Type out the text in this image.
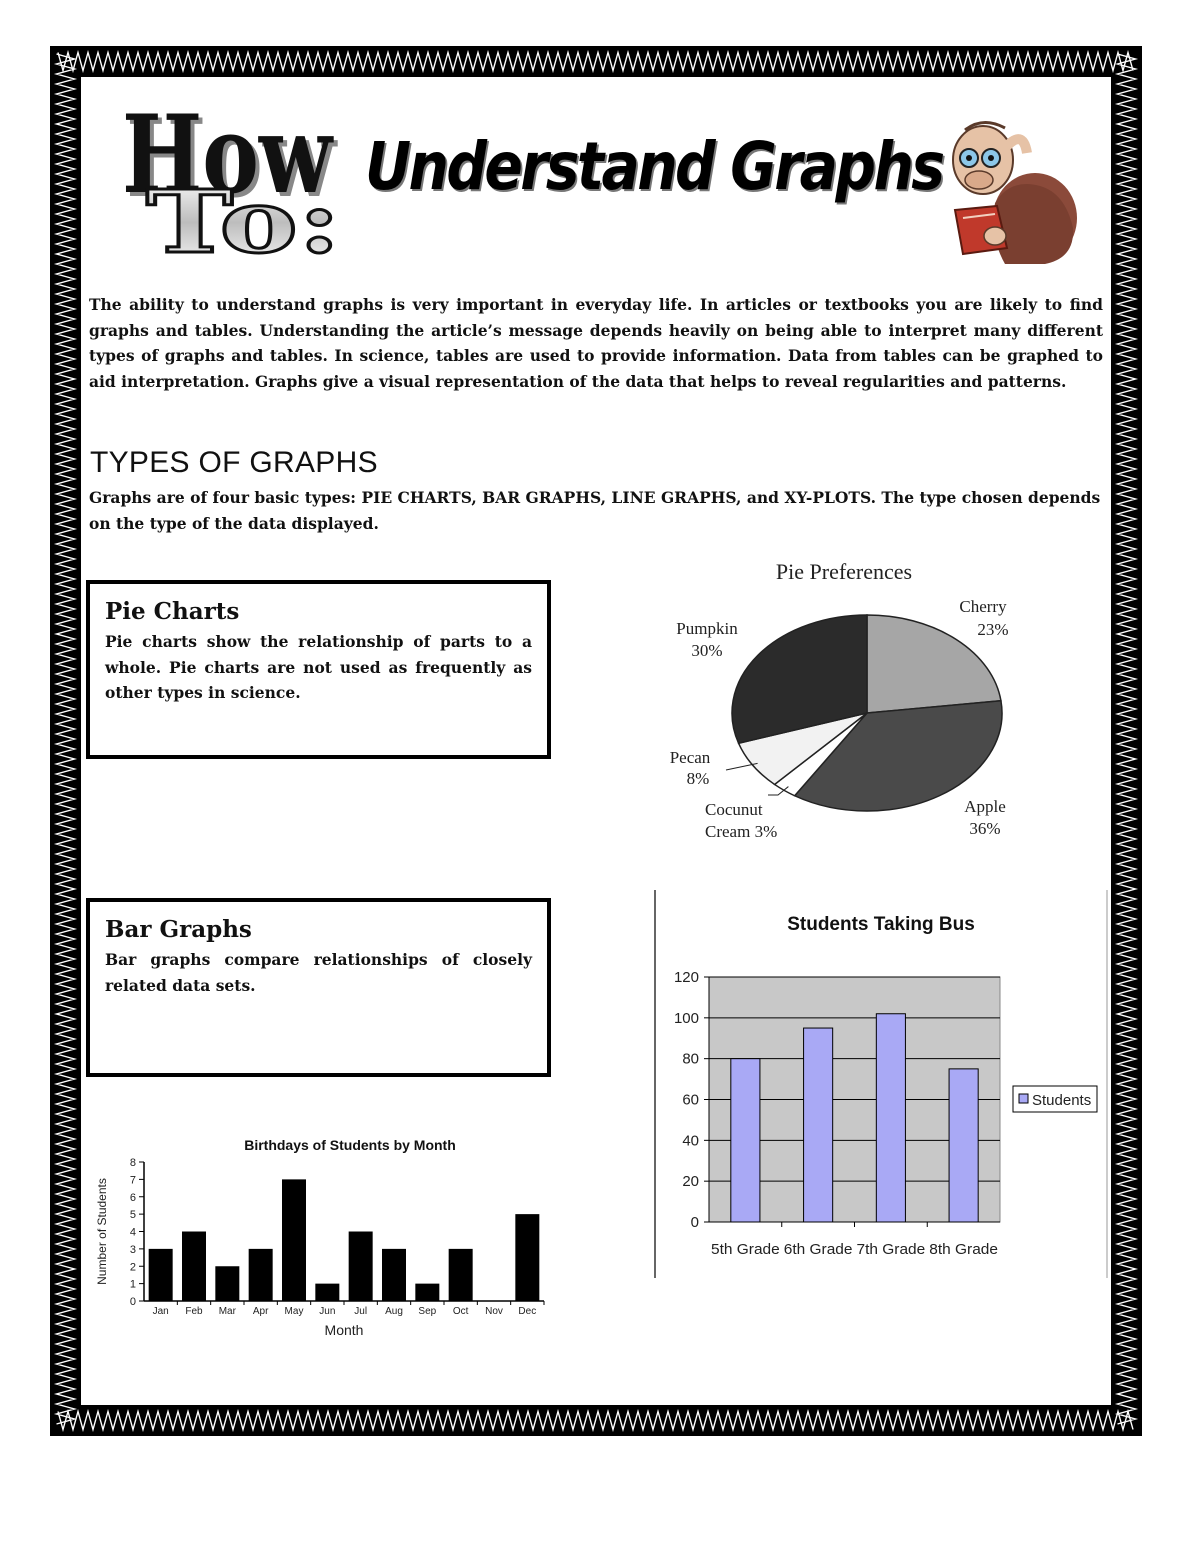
How
How
To:
Understand Graphs
The ability to understand graphs is very important in everyday life. In articles or textbooks you are likely to find graphs and tables. Understanding the article’s message depends heavily on being able to interpret many different types of graphs and tables. In science, tables are used to provide information. Data from tables can be graphed to aid interpretation. Graphs give a visual representation of the data that helps to reveal regularities and patterns.
TYPES OF GRAPHS
Graphs are of four basic types: PIE CHARTS, BAR GRAPHS, LINE GRAPHS, and XY-PLOTS. The type chosen depends on the type of the data displayed.
Pie Charts

Pie charts show the relationship of parts to a whole. Pie charts are not used as frequently as other types in science.

Bar Graphs

Bar graphs compare relationships of closely related data sets.

Pie Preferences
Cherry
23%
Apple
36%
Cocunut
Cream 3%
Pecan
8%
Pumpkin
30%
Students Taking Bus
0
20
40
60
80
100
120
5th Grade 6th Grade 7th Grade 8th Grade
Students
Birthdays of Students by Month
0
1
2
3
4
5
6
7
8
Jan Feb Mar Apr May Jun Jul Aug Sep Oct Nov Dec
Month
Number of Students
